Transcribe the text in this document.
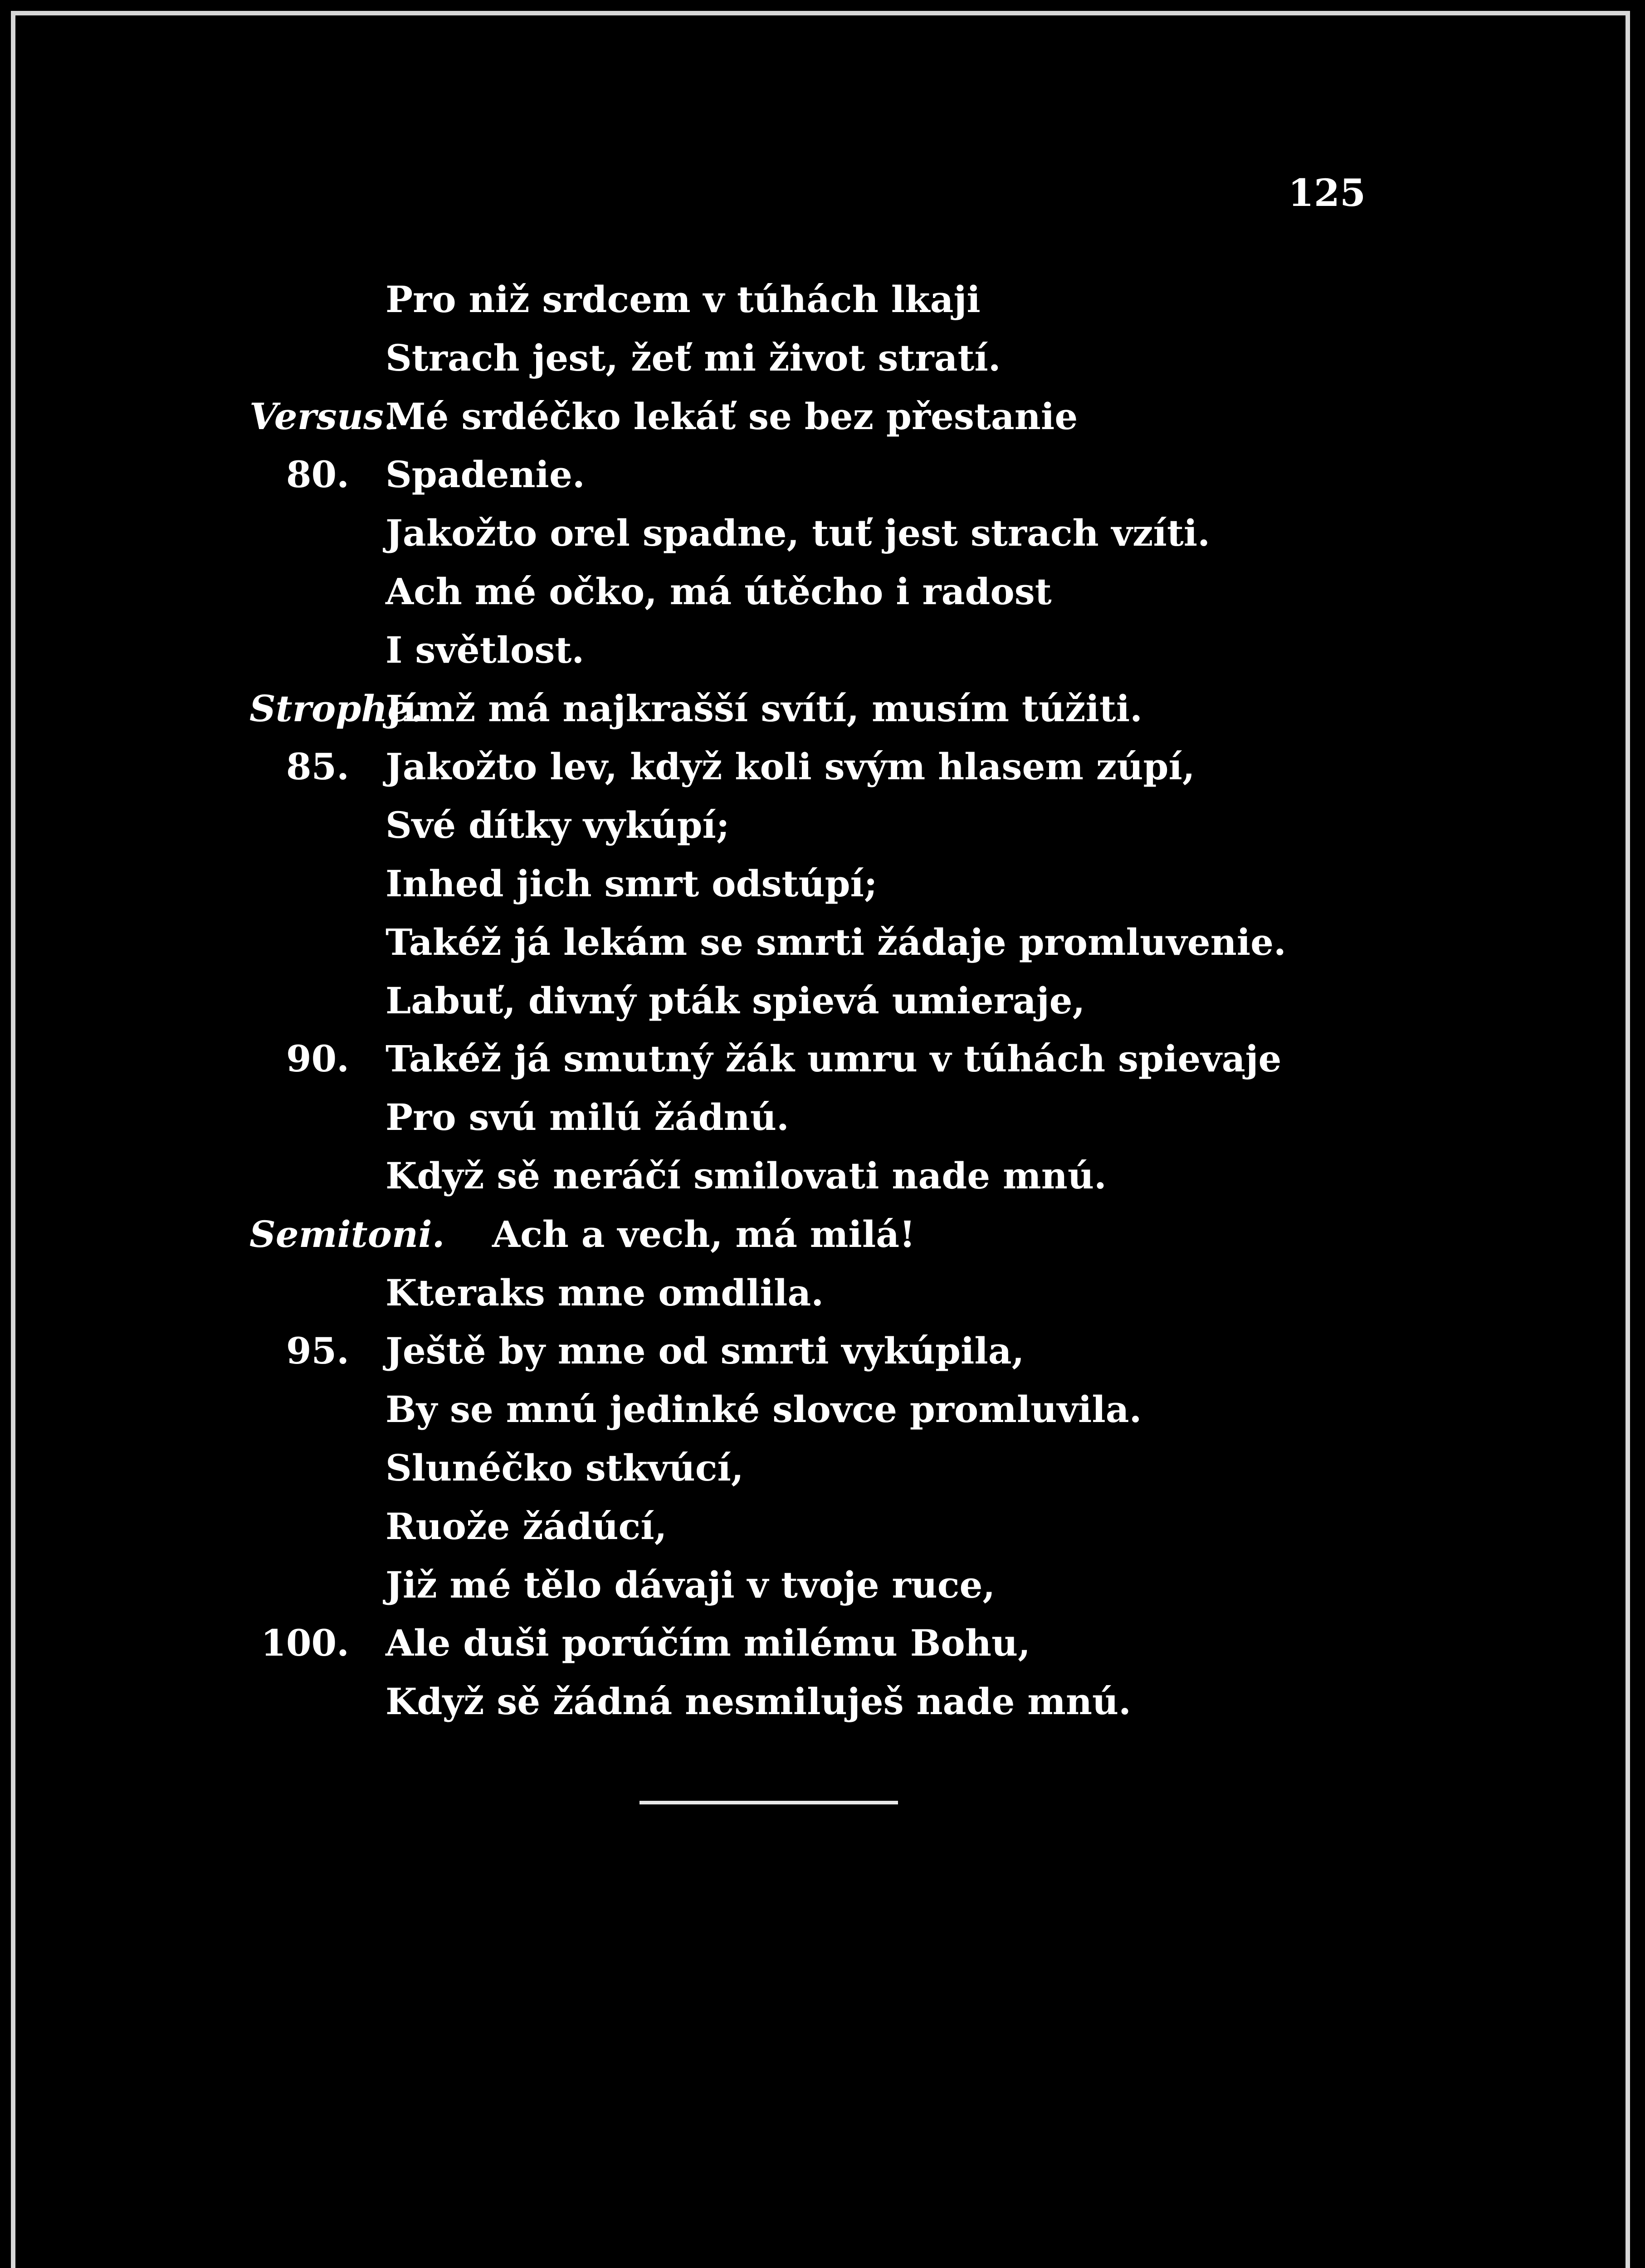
125
Pro niž srdcem v túhách lkaji
Strach jest, žeť mi život stratí.
Versus.
Mé srdéčko lekáť se bez přestanie
80. Spadenie.
Jakožto orel spadne, tuť jest strach vzíti.
Ach mé očko, má útěcho i radost
I světlost.
Strophe.
Jímž má najkrašší svítí, musím túžiti.
85. Jakožto lev, když koli svým hlasem zúpí,
Své dítky vykúpí;
Inhed jich smrt odstúpí;
Takéž já lekám se smrti žádaje promluvenie.
Labuť, divný pták spievá umieraje,
90. Takéž já smutný žák umru v túhách spievaje
Pro svú milú žádnú.
Když sě neráčí smilovati nade mnú.
Semitoni. Ach a vech, má milá!
Kteraks mne omdlila.
95. Ještě by mne od smrti vykúpila,
By se mnú jedinké slovce promluvila.
Slunéčko stkvúcí,
Ruože žádúcí,
Již mé tělo dávaji v tvoje ruce,
100. Ale duši porúčím milému Bohu,
Když sě žádná nesmiluješ nade mnú.
